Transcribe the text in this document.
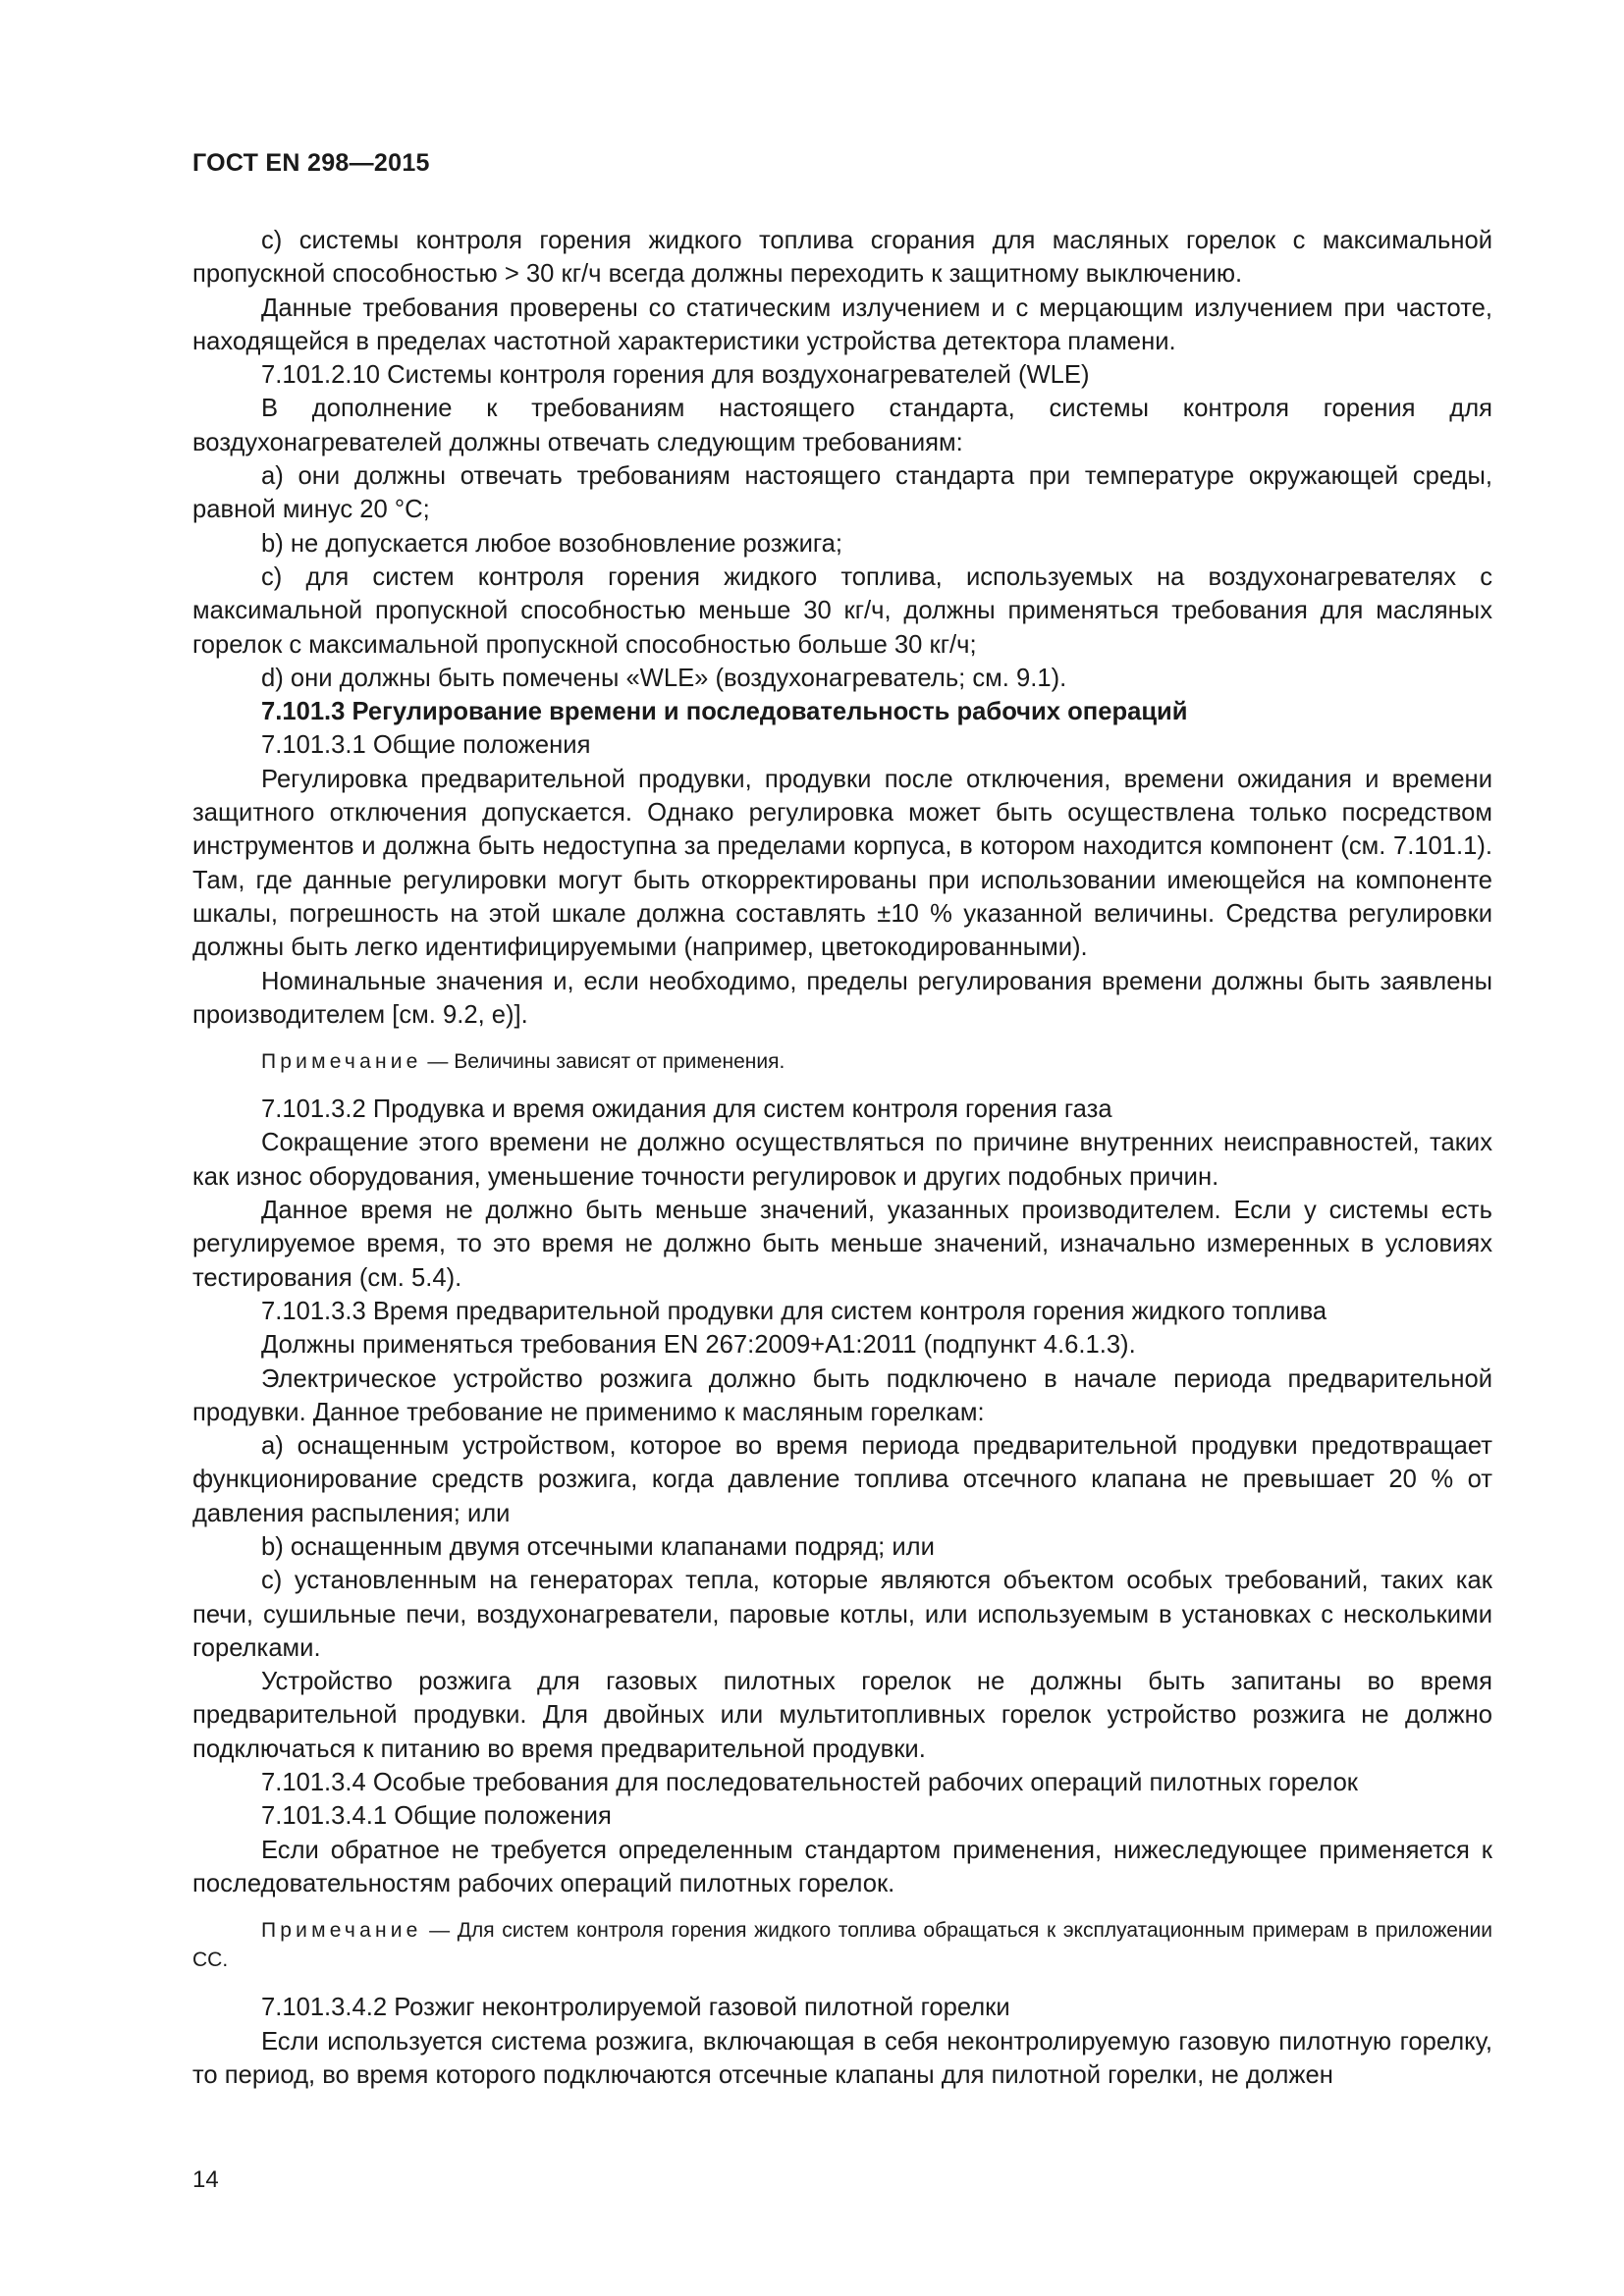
ГОСТ EN 298—2015

c) системы контроля горения жидкого топлива сгорания для масляных горелок с максимальной пропускной способностью > 30 кг/ч всегда должны переходить к защитному выключению.

Данные требования проверены со статическим излучением и с мерцающим излучением при частоте, находящейся в пределах частотной характеристики устройства детектора пламени.

7.101.2.10 Системы контроля горения для воздухонагревателей (WLE)

В дополнение к требованиям настоящего стандарта, системы контроля горения для воздухонагревателей должны отвечать следующим требованиям:

a) они должны отвечать требованиям настоящего стандарта при температуре окружающей среды, равной минус 20 °С;

b) не допускается любое возобновление розжига;

c) для систем контроля горения жидкого топлива, используемых на воздухонагревателях с максимальной пропускной способностью меньше 30 кг/ч, должны применяться требования для масляных горелок с максимальной пропускной способностью больше 30 кг/ч;

d) они должны быть помечены «WLE» (воздухонагреватель; см. 9.1).

7.101.3 Регулирование времени и последовательность рабочих операций

7.101.3.1 Общие положения

Регулировка предварительной продувки, продувки после отключения, времени ожидания и времени защитного отключения допускается. Однако регулировка может быть осуществлена только посредством инструментов и должна быть недоступна за пределами корпуса, в котором находится компонент (см. 7.101.1). Там, где данные регулировки могут быть откорректированы при использовании имеющейся на компоненте шкалы, погрешность на этой шкале должна составлять ±10 % указанной величины. Средства регулировки должны быть легко идентифицируемыми (например, цветокодированными).

Номинальные значения и, если необходимо, пределы регулирования времени должны быть заявлены производителем [см. 9.2, е)].

Примечание — Величины зависят от применения.

7.101.3.2 Продувка и время ожидания для систем контроля горения газа

Сокращение этого времени не должно осуществляться по причине внутренних неисправностей, таких как износ оборудования, уменьшение точности регулировок и других подобных причин.

Данное время не должно быть меньше значений, указанных производителем. Если у системы есть регулируемое время, то это время не должно быть меньше значений, изначально измеренных в условиях тестирования (см. 5.4).

7.101.3.3 Время предварительной продувки для систем контроля горения жидкого топлива

Должны применяться требования EN 267:2009+A1:2011 (подпункт 4.6.1.3).

Электрическое устройство розжига должно быть подключено в начале периода предварительной продувки. Данное требование не применимо к масляным горелкам:

a) оснащенным устройством, которое во время периода предварительной продувки предотвращает функционирование средств розжига, когда давление топлива отсечного клапана не превышает 20 % от давления распыления; или

b) оснащенным двумя отсечными клапанами подряд; или

c) установленным на генераторах тепла, которые являются объектом особых требований, таких как печи, сушильные печи, воздухонагреватели, паровые котлы, или используемым в установках с несколькими горелками.

Устройство розжига для газовых пилотных горелок не должны быть запитаны во время предварительной продувки. Для двойных или мультитопливных горелок устройство розжига не должно подключаться к питанию во время предварительной продувки.

7.101.3.4 Особые требования для последовательностей рабочих операций пилотных горелок

7.101.3.4.1 Общие положения

Если обратное не требуется определенным стандартом применения, нижеследующее применяется к последовательностям рабочих операций пилотных горелок.

Примечание — Для систем контроля горения жидкого топлива обращаться к эксплуатационным примерам в приложении СС.

7.101.3.4.2 Розжиг неконтролируемой газовой пилотной горелки

Если используется система розжига, включающая в себя неконтролируемую газовую пилотную горелку, то период, во время которого подключаются отсечные клапаны для пилотной горелки, не должен

14
